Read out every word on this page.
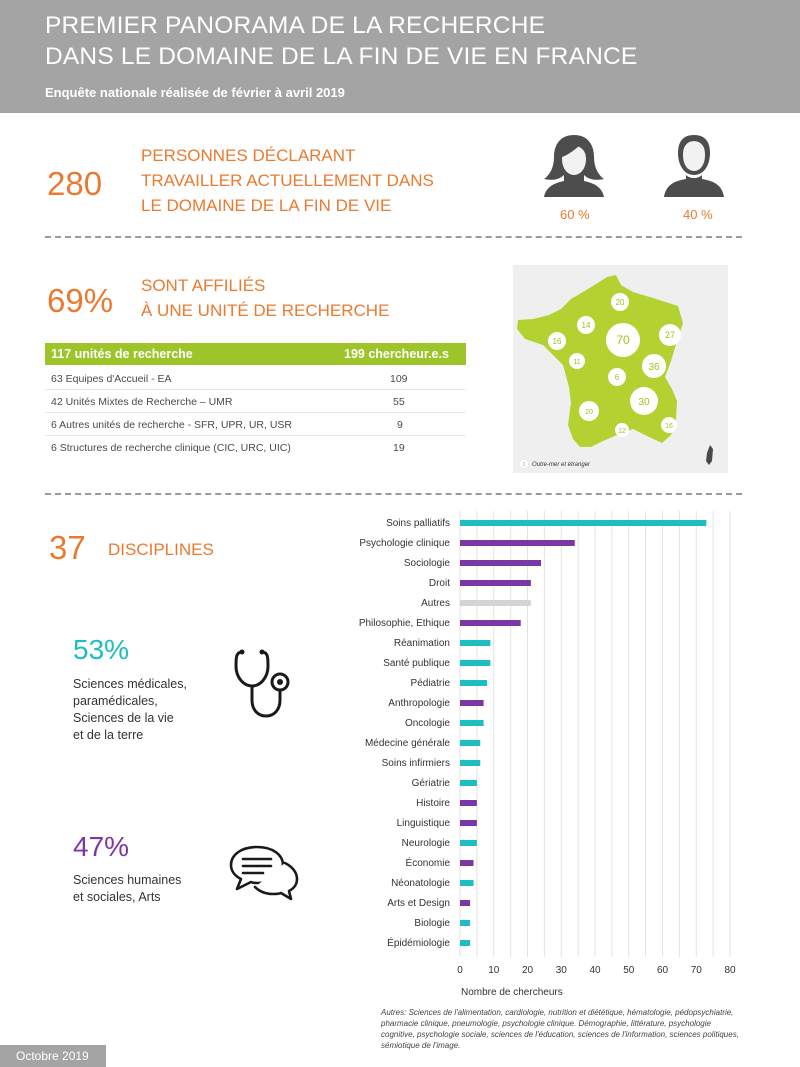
PREMIER PANORAMA DE LA RECHERCHE
DANS LE DOMAINE DE LA FIN DE VIE EN FRANCE
Enquête nationale réalisée de février à avril 2019
280
PERSONNES DÉCLARANT
TRAVAILLER ACTUELLEMENT DANS
LE DOMAINE DE LA FIN DE VIE	60 %	40 %
69% SONT AFFILIÉS
À UNE UNITÉ DE RECHERCHE
117 unités de recherche	199 chercheur.e.s
63 Equipes d'Accueil - EA	109
42 Unités Mixtes de Recherche – UMR	55
6 Autres unités de recherche - SFR, UPR, UR, USR	9
6 Structures de recherche clinique (CIC, URC, UIC)	19
20
14
70	27
16
11	36
6
20
30
12
16
2 Outre-mer et étranger
37 DISCIPLINES
53%
Sciences médicales,
paramédicales,
Sciences de la vie
et de la terre
47%
Sciences humaines
et sociales, Arts
Soins palliatifs
Psychologie clinique
Sociologie
Droit
Autres
Philosophie, Ethique
Réanimation
Santé publique
Pédiatrie
Anthropologie
Oncologie
Médecine générale
Soins infirmiers
Gériatrie
Histoire
Linguistique
Neurologie
Économie
Néonatologie
Arts et Design
Biologie
Épidémiologie
0	10 20 30 40 50 60 70 80
Nombre de chercheurs
Autres: Sciences de l'alimentation, cardiologie, nutrition et diététique, hématologie, pédopsychiatrie, pharmacie clinique, pneumologie, psychologie clinique. Démographie, littérature, psychologie cognitive, psychologie sociale, sciences de l'éducation, sciences de l'information, sciences politiques, sémiotique de l'image.
Octobre 2019
